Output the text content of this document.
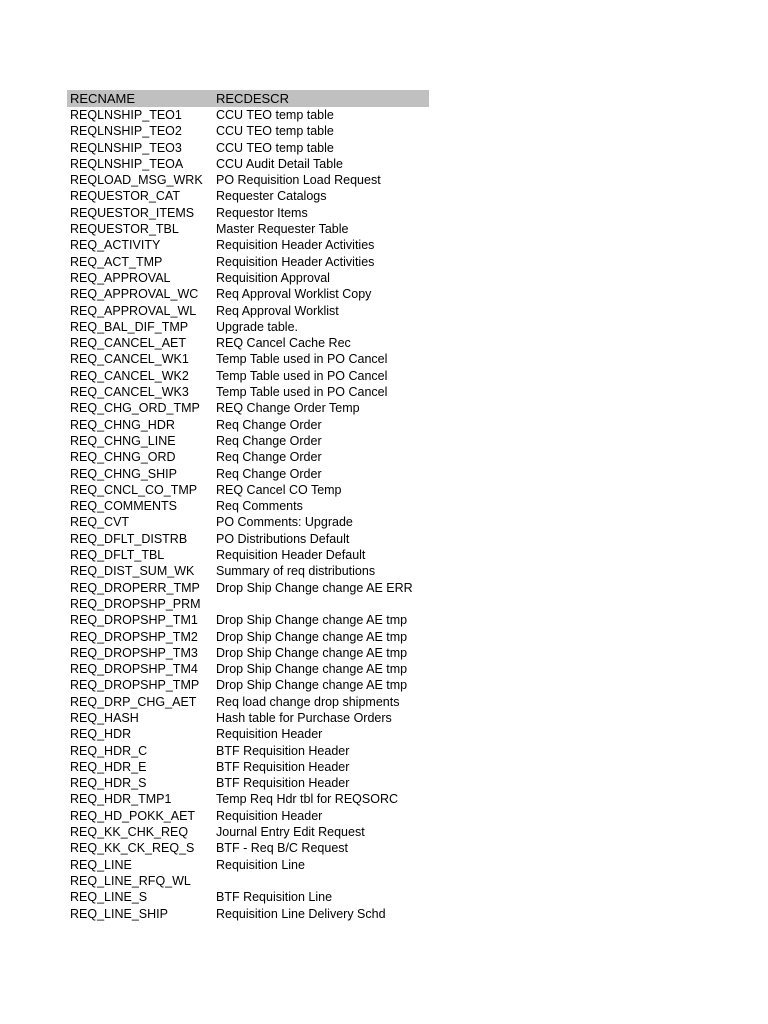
RECNAME	RECDESCR
REQLNSHIP_TEO1	CCU TEO temp table
REQLNSHIP_TEO2	CCU TEO temp table
REQLNSHIP_TEO3	CCU TEO temp table
REQLNSHIP_TEOA	CCU Audit Detail Table
REQLOAD_MSG_WRK	PO Requisition Load Request
REQUESTOR_CAT	Requester Catalogs
REQUESTOR_ITEMS	Requestor Items
REQUESTOR_TBL	Master Requester Table
REQ_ACTIVITY	Requisition Header Activities
REQ_ACT_TMP	Requisition Header Activities
REQ_APPROVAL	Requisition Approval
REQ_APPROVAL_WC	Req Approval Worklist Copy
REQ_APPROVAL_WL	Req Approval Worklist
REQ_BAL_DIF_TMP	Upgrade table.
REQ_CANCEL_AET	REQ Cancel Cache Rec
REQ_CANCEL_WK1	Temp Table used in PO Cancel
REQ_CANCEL_WK2	Temp Table used in PO Cancel
REQ_CANCEL_WK3	Temp Table used in PO Cancel
REQ_CHG_ORD_TMP	REQ Change Order Temp
REQ_CHNG_HDR	Req Change Order
REQ_CHNG_LINE	Req Change Order
REQ_CHNG_ORD	Req Change Order
REQ_CHNG_SHIP	Req Change Order
REQ_CNCL_CO_TMP	REQ Cancel CO Temp
REQ_COMMENTS	Req Comments
REQ_CVT	PO Comments: Upgrade
REQ_DFLT_DISTRB	PO Distributions Default
REQ_DFLT_TBL	Requisition Header Default
REQ_DIST_SUM_WK	Summary of req distributions
REQ_DROPERR_TMP	Drop Ship Change change AE ERR
REQ_DROPSHP_PRM
REQ_DROPSHP_TM1	Drop Ship Change change AE tmp
REQ_DROPSHP_TM2	Drop Ship Change change AE tmp
REQ_DROPSHP_TM3	Drop Ship Change change AE tmp
REQ_DROPSHP_TM4	Drop Ship Change change AE tmp
REQ_DROPSHP_TMP	Drop Ship Change change AE tmp
REQ_DRP_CHG_AET	Req load change drop shipments
REQ_HASH	Hash table for Purchase Orders
REQ_HDR	Requisition Header
REQ_HDR_C	BTF Requisition Header
REQ_HDR_E	BTF Requisition Header
REQ_HDR_S	BTF Requisition Header
REQ_HDR_TMP1	Temp Req Hdr tbl for REQSORC
REQ_HD_POKK_AET	Requisition Header
REQ_KK_CHK_REQ	Journal Entry Edit Request
REQ_KK_CK_REQ_S	BTF - Req B/C Request
REQ_LINE	Requisition Line
REQ_LINE_RFQ_WL
REQ_LINE_S	BTF Requisition Line
REQ_LINE_SHIP	Requisition Line Delivery Schd
